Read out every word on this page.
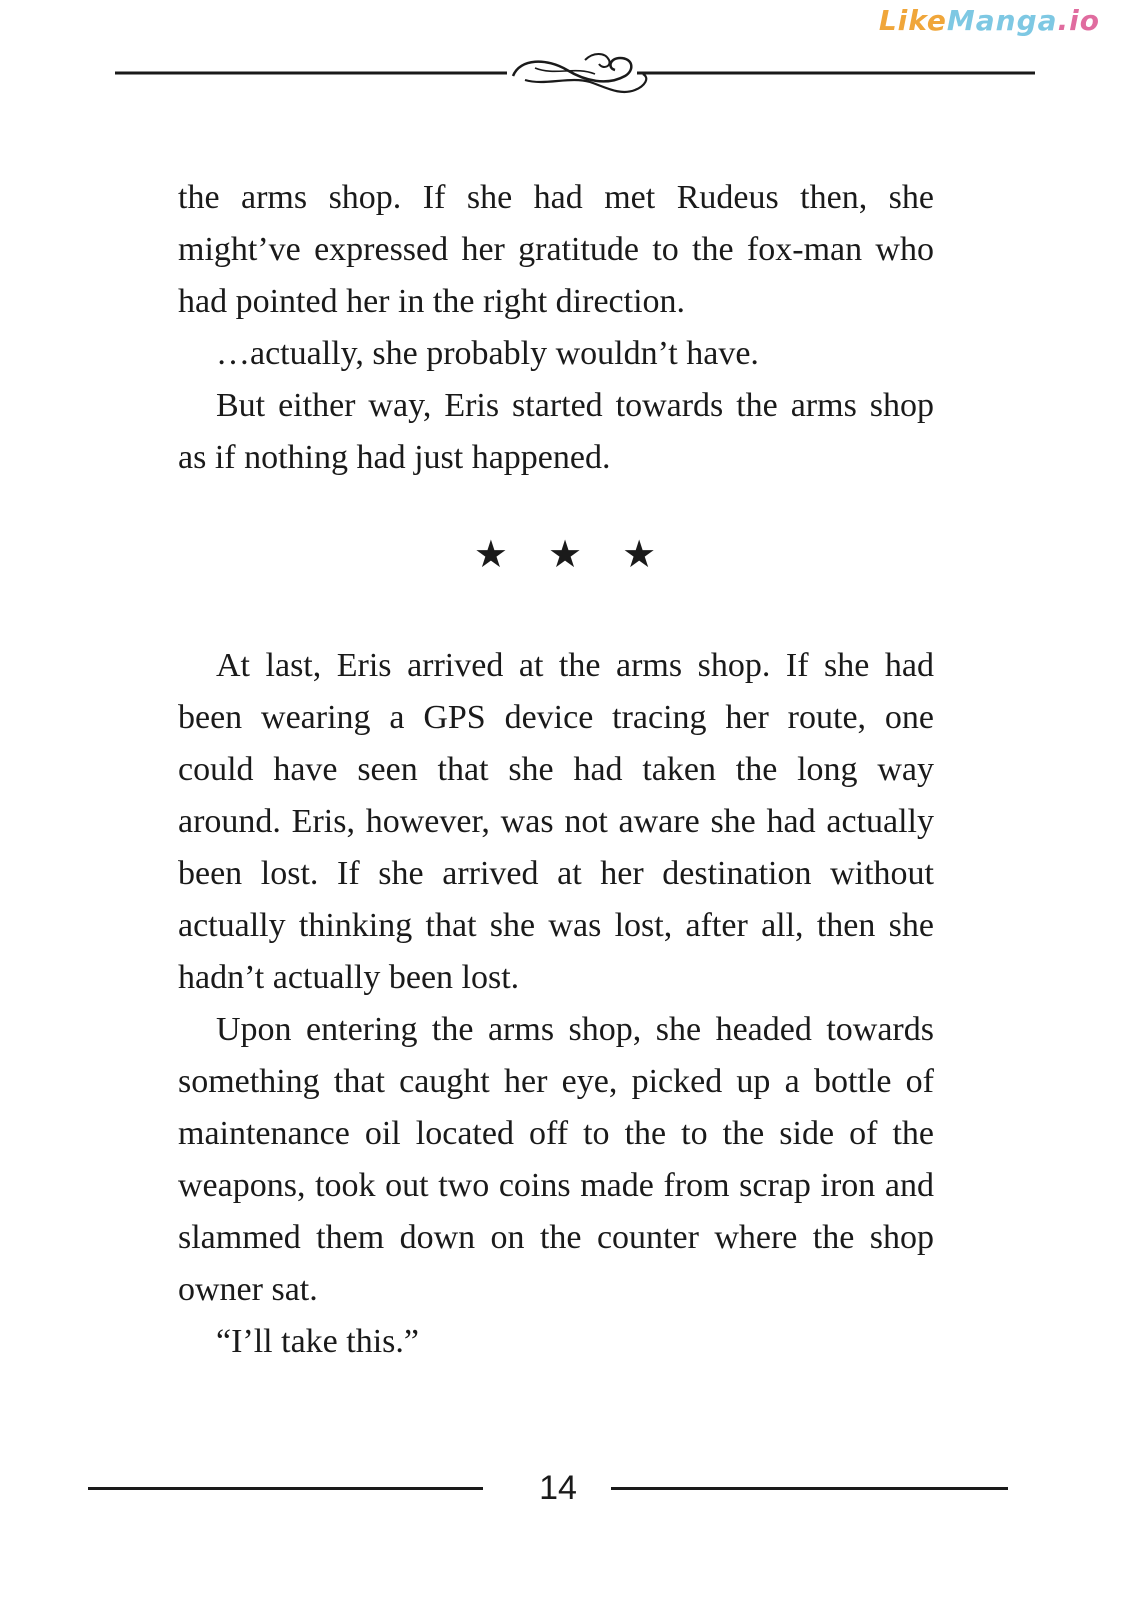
LikeManga.io

the arms shop. If she had met Rudeus then, she might’ve expressed her gratitude to the fox-man who had pointed her in the right direction.

…actually, she probably wouldn’t have.

But either way, Eris started towards the arms shop as if nothing had just happened.

★ ★ ★

At last, Eris arrived at the arms shop. If she had been wearing a GPS device tracing her route, one could have seen that she had taken the long way around. Eris, however, was not aware she had actually been lost. If she arrived at her destination without actually thinking that she was lost, after all, then she hadn’t actually been lost.

Upon entering the arms shop, she headed towards something that caught her eye, picked up a bottle of maintenance oil located off to the to the side of the weapons, took out two coins made from scrap iron and slammed them down on the counter where the shop owner sat.

“I’ll take this.”

14
